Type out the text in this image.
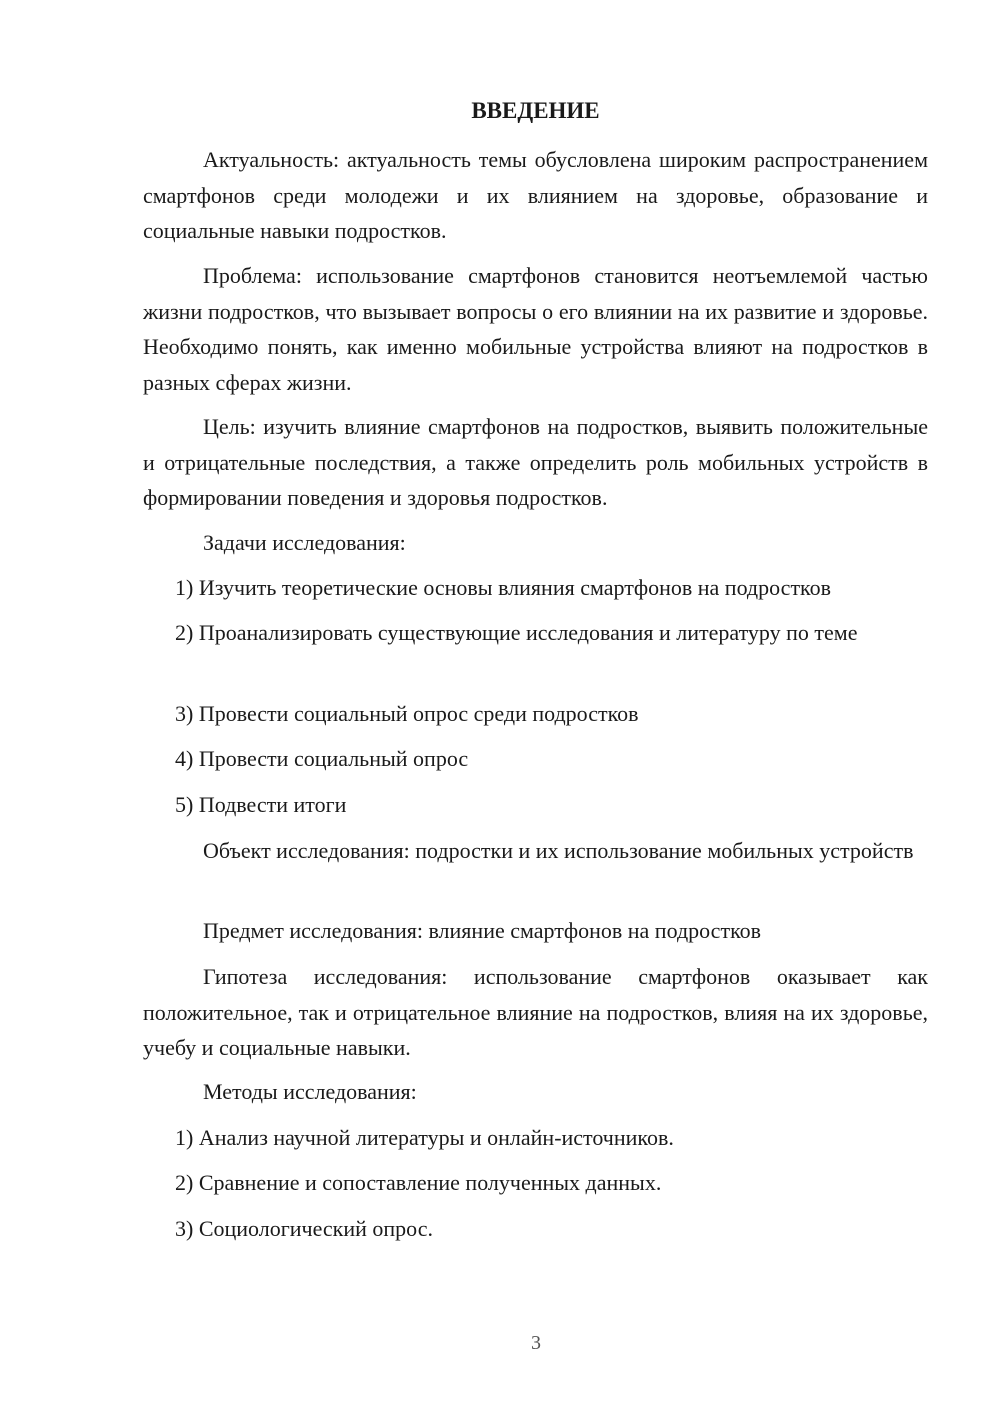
ВВЕДЕНИЕ

Актуальность: актуальность темы обусловлена широким распространением смартфонов среди молодежи и их влиянием на здоровье, образование и социальные навыки подростков.

Проблема: использование смартфонов становится неотъемлемой частью жизни подростков, что вызывает вопросы о его влиянии на их развитие и здоровье. Необходимо понять, как именно мобильные устройства влияют на подростков в разных сферах жизни.

Цель: изучить влияние смартфонов на подростков, выявить положительные и отрицательные последствия, а также определить роль мобильных устройств в формировании поведения и здоровья подростков.

Задачи исследования:

1) Изучить теоретические основы влияния смартфонов на подростков

2) Проанализировать существующие исследования и литературу по теме

3) Провести социальный опрос среди подростков

4) Провести социальный опрос

5) Подвести итоги

Объект исследования: подростки и их использование мобильных устройств

Предмет исследования: влияние смартфонов на подростков

Гипотеза исследования: использование смартфонов оказывает как положительное, так и отрицательное влияние на подростков, влияя на их здоровье, учебу и социальные навыки.

Методы исследования:

1) Анализ научной литературы и онлайн-источников.

2) Сравнение и сопоставление полученных данных.

3) Социологический опрос.

3
